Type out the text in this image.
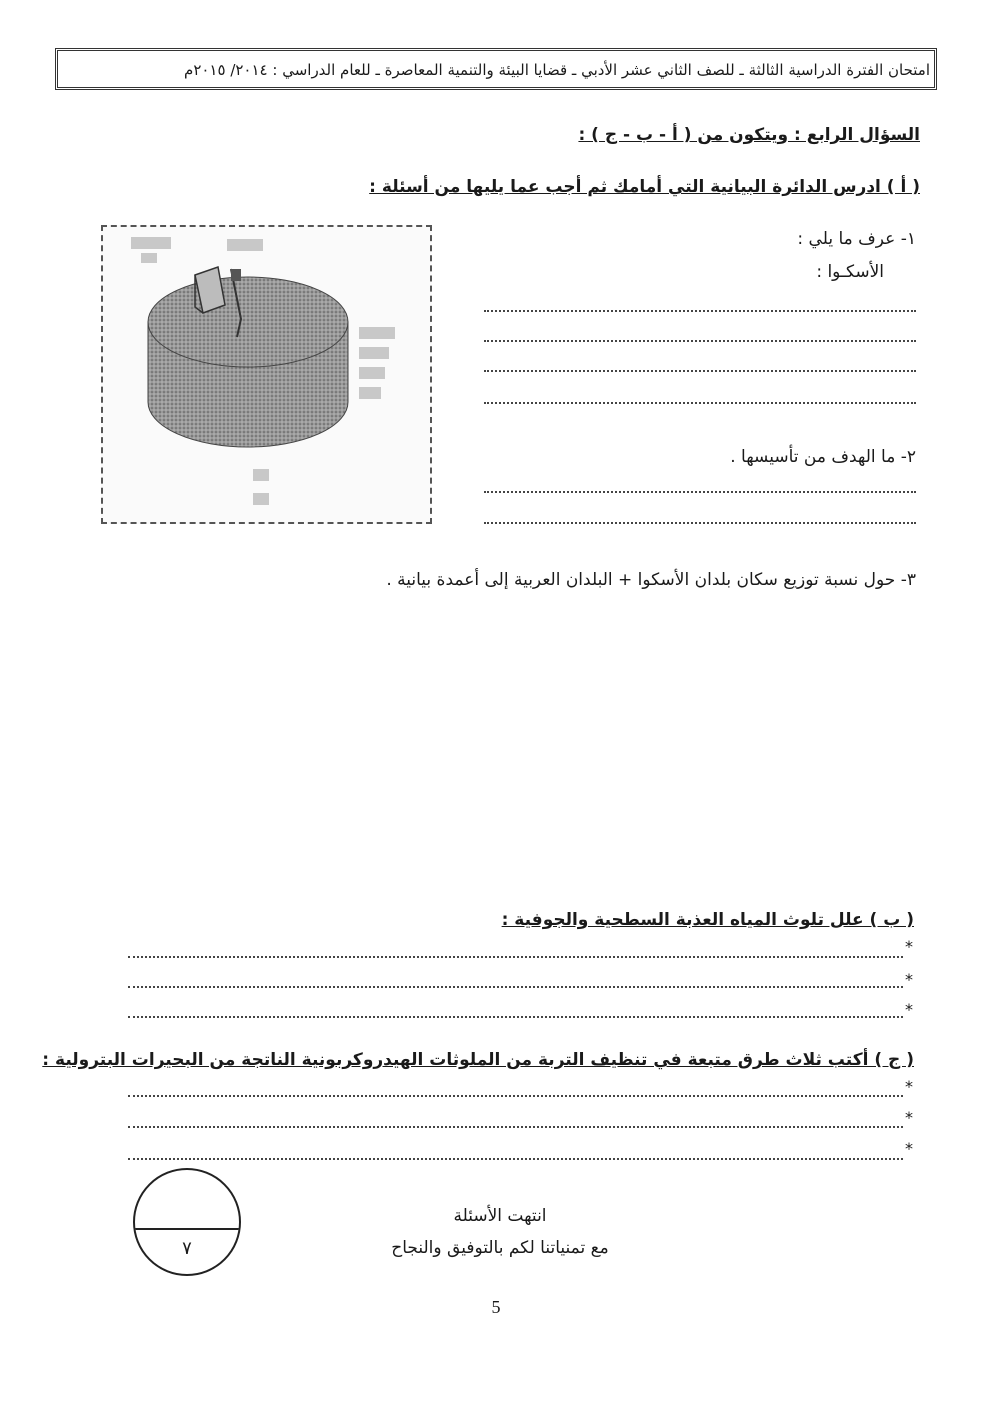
امتحان الفترة الدراسية الثالثة ـ للصف الثاني عشر الأدبي ـ قضايا البيئة والتنمية المعاصرة ـ للعام الدراسي : ٢٠١٤/ ٢٠١٥م
السؤال الرابع : ويتكون من ( أ - ب - ج ) :
( أ ) ادرس الدائرة البيانية التي أمامك ثم أجب عما يليها من أسئلة :
١- عرف ما يلي :
الأسكـوا :
٢- ما الهدف من تأسيسها .
٣- حول نسبة توزيع سكان بلدان الأسكوا + البلدان العربية إلى أعمدة بيانية .
( ب ) علل تلوث المياه العذبة السطحية والجوفية :
*
*
*
( ج ) أكتب ثلاث طرق متبعة في تنظيف التربة من الملوثات الهيدروكربونية الناتجة من البحيرات البترولية :
*
*
*
٧
انتهت الأسئلة
مع تمنياتنا لكم بالتوفيق والنجاح
5
